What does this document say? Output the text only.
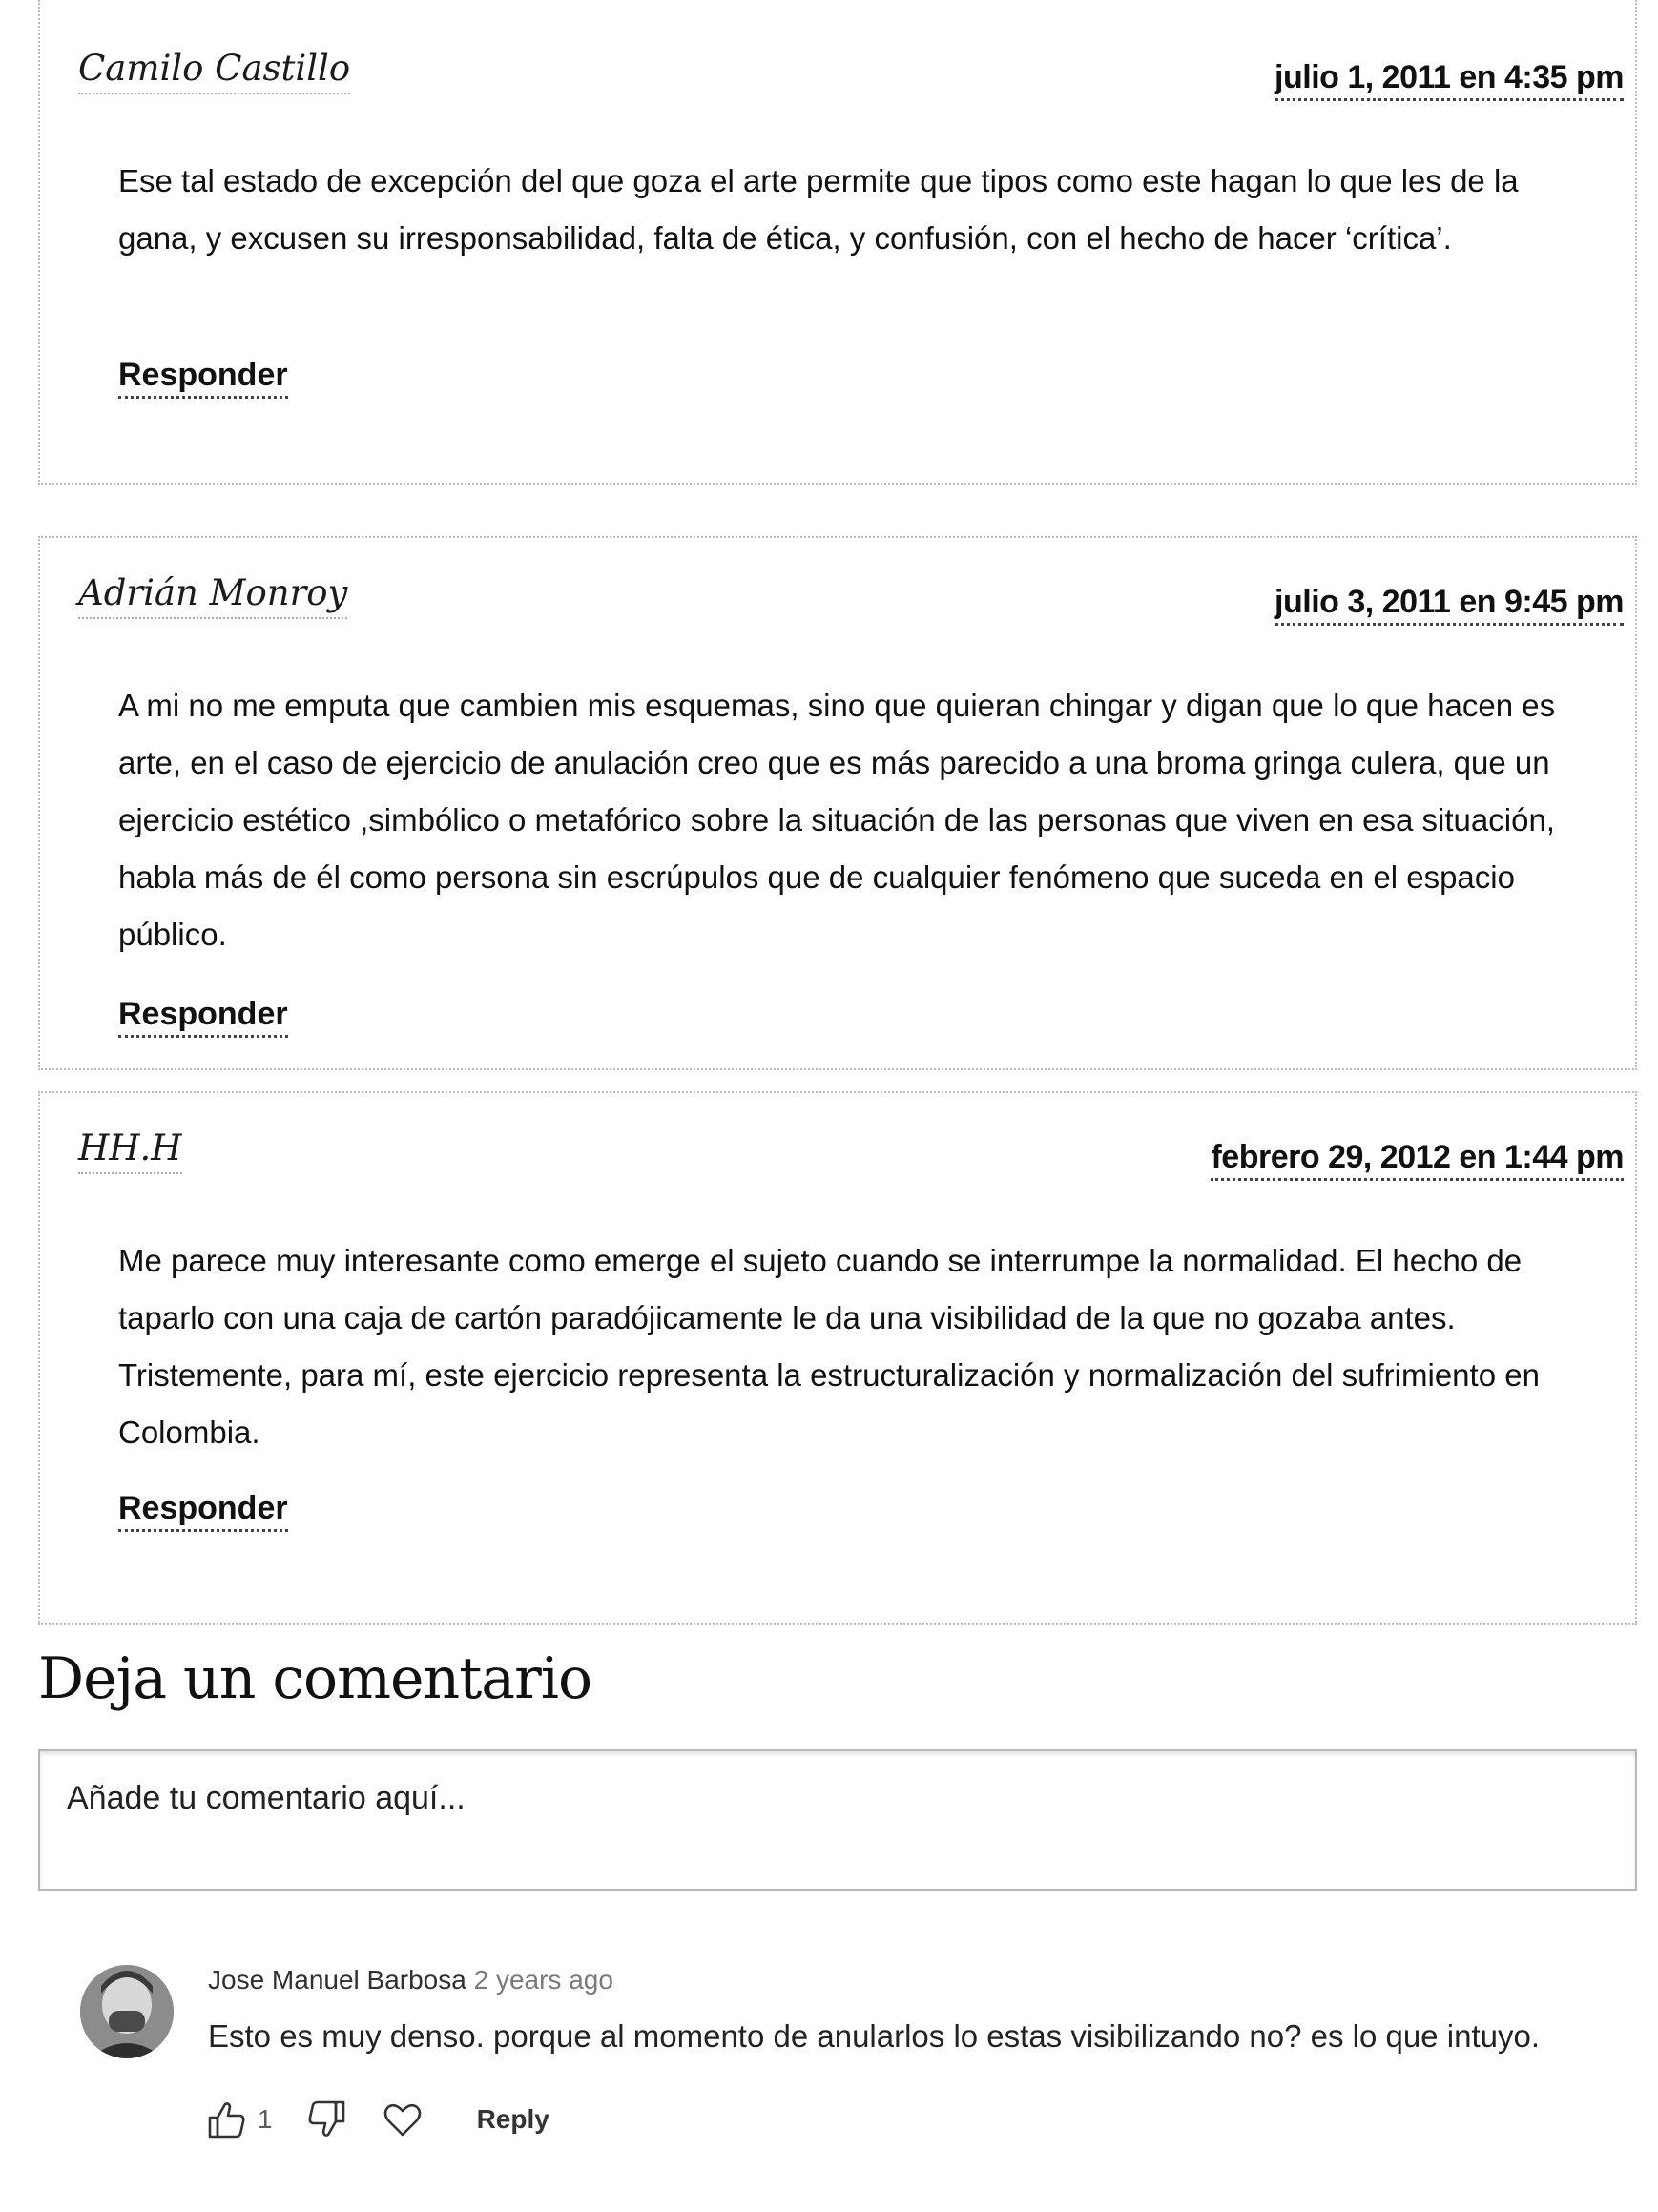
Camilo Castillo	julio 1, 2011 en 4:35 pm

Ese tal estado de excepción del que goza el arte permite que tipos como este hagan lo que les de la gana, y excusen su irresponsabilidad, falta de ética, y confusión, con el hecho de hacer ‘crítica’.

Responder
Adrián Monroy	julio 3, 2011 en 9:45 pm

A mi no me emputa que cambien mis esquemas, sino que quieran chingar y digan que lo que hacen es arte, en el caso de ejercicio de anulación creo que es más parecido a una broma gringa culera, que un ejercicio estético ,simbólico o metafórico sobre la situación de las personas que viven en esa situación, habla más de él como persona sin escrúpulos que de cualquier fenómeno que suceda en el espacio público.

Responder
HH.H	febrero 29, 2012 en 1:44 pm

Me parece muy interesante como emerge el sujeto cuando se interrumpe la normalidad. El hecho de taparlo con una caja de cartón paradójicamente le da una visibilidad de la que no gozaba antes. Tristemente, para mí, este ejercicio representa la estructuralización y normalización del sufrimiento en Colombia.

Responder
Deja un comentario
Añade tu comentario aquí...
Jose Manuel Barbosa 2 years ago
Esto es muy denso. porque al momento de anularlos lo estas visibilizando no? es lo que intuyo.
1	Reply
